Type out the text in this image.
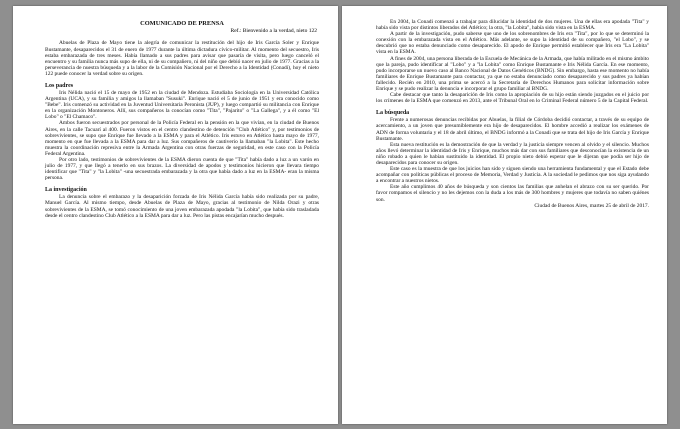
COMUNICADO DE PRENSA

Ref.: Bienvenido a la verdad, nieto 122

Abuelas de Plaza de Mayo tiene la alegría de comunicar la restitución del hijo de Iris García Soler y Enrique Bustamante, desaparecidos el 31 de enero de 1977 durante la última dictadura cívico-militar. Al momento del secuestro, Iris estaba embarazada de tres meses. Había llamado a sus padres para avisar que pasaría de visita, pero luego canceló el encuentro y su familia nunca más supo de ella, ni de su compañero, ni del niño que debió nacer en julio de 1977. Gracias a la perseverancia de nuestra búsqueda y a la labor de la Comisión Nacional por el Derecho a la Identidad (Conadi), hoy el nieto 122 puede conocer la verdad sobre su origen.

Los padres

Iris Nélida nació el 15 de mayo de 1952 en la ciudad de Mendoza. Estudiaba Sociología en la Universidad Católica Argentina (UCA), y su familia y amigos la llamaban "Susuki". Enrique nació el 5 de junio de 1951 y era conocido como "Bebe". Iris comenzó su actividad en la Juventud Universitaria Peronista (JUP), y luego compartió su militancia con Enrique en la organización Montoneros. Allí, sus compañeros la conocían como "Tita", "Pajarito" o "La Gallega", y a él como "El Lobo" o "El Chamaco".

Ambos fueron secuestrados por personal de la Policía Federal en la pensión en la que vivían, en la ciudad de Buenos Aires, en la calle Tacuarí al 400. Fueron vistos en el centro clandestino de detención "Club Atlético" y, por testimonios de sobrevivientes, se supo que Enrique fue llevado a la ESMA y para el Atlético. Iris estuvo en Atlético hasta mayo de 1977, momento en que fue llevada a la ESMA para dar a luz. Sus compañeros de cautiverio la llamaban "la Lobita". Este hecho muestra la coordinación represiva entre la Armada Argentina con otras fuerzas de seguridad, en este caso con la Policía Federal Argentina.

Por otro lado, testimonios de sobrevivientes de la ESMA dieron cuenta de que "Tita" había dado a luz a un varón en julio de 1977, y que llegó a tenerlo en sus brazos. La diversidad de apodos y testimonios hicieron que llevara tiempo identificar que "Tita" y "la Lobita" -una secuestrada embarazada y la otra que había dado a luz en la ESMA- eran la misma persona.

La investigación

La denuncia sobre el embarazo y la desaparición forzada de Iris Nélida García había sido realizada por su padre, Manuel García. Al mismo tiempo, desde Abuelas de Plaza de Mayo, gracias al testimonio de Nilda Orazi y otras sobrevivientes de la ESMA, se tomó conocimiento de una joven embarazada apodada "la Lobita", que había sido trasladada desde el centro clandestino Club Atlético a la ESMA para dar a luz. Pero las pistas encajarían mucho después.

En 2004, la Conadi comenzó a trabajar para dilucidar la identidad de dos mujeres. Una de ellas era apodada "Tita" y había sido vista por distintos liberados del Atlético; la otra, "la Lobita", había sido vista en la ESMA.

A partir de la investigación, pudo saberse que uno de los sobrenombres de Iris era "Tita", por lo que se determinó la conexión con la embarazada vista en el Atlético. Más adelante, se supo la identidad de su compañero, "el Lobo", y se descubrió que no estaba denunciado como desaparecido. El apodo de Enrique permitió establecer que Iris era "La Lobita" vista en la ESMA.

A fines de 2004, una persona liberada de la Escuela de Mecánica de la Armada, que había militado en el mismo ámbito que la pareja, pudo identificar al "Lobo" y a "la Lobita" como Enrique Bustamante e Iris Nélida García. En ese momento, pudo incorporarse un nuevo caso al Banco Nacional de Datos Genéticos (BNDG). Sin embargo, hasta ese momento no había familiares de Enrique Bustamante para contactar, ya que no estaba denunciado como desaparecido y sus padres ya habían fallecido. Recién en 2010, una prima se acercó a la Secretaría de Derechos Humanos para solicitar información sobre Enrique y se pudo realizar la denuncia e incorporar el grupo familiar al BNDG.

Cabe destacar que tanto la desaparición de Iris como la apropiación de su hijo están siendo juzgados en el juicio por los crímenes de la ESMA que comenzó en 2013, ante el Tribunal Oral en lo Criminal Federal número 5 de la Capital Federal.

La búsqueda

Frente a numerosas denuncias recibidas por Abuelas, la filial de Córdoba decidió contactar, a través de su equipo de acercamiento, a un joven que presumiblemente era hijo de desaparecidos. El hombre accedió a realizar los exámenes de ADN de forma voluntaria y el 18 de abril último, el BNDG informó a la Conadi que se trata del hijo de Iris García y Enrique Bustamante.

Esta nueva restitución es la demostración de que la verdad y la justicia siempre vencen al olvido y el silencio. Muchos años llevó determinar la identidad de Iris y Enrique, muchos más dar con sus familiares que desconocían la existencia de un niño robado a quien le habían sustituido la identidad. El propio nieto debió esperar que le dijeran que podía ser hijo de desaparecidos para conocer su origen.

Este caso es la muestra de que los juicios han sido y siguen siendo una herramienta fundamental y que el Estado debe acompañar con políticas públicas el proceso de Memoria, Verdad y Justicia. A la sociedad le pedimos que nos siga ayudando a encontrar a nuestros nietos.

Este año cumplimos 40 años de búsqueda y son cientos las familias que anhelan el abrazo con su ser querido. Por favor rompamos el silencio y no les dejemos con la duda a los más de 300 hombres y mujeres que todavía no saben quiénes son.

Ciudad de Buenos Aires, martes 25 de abril de 2017.
